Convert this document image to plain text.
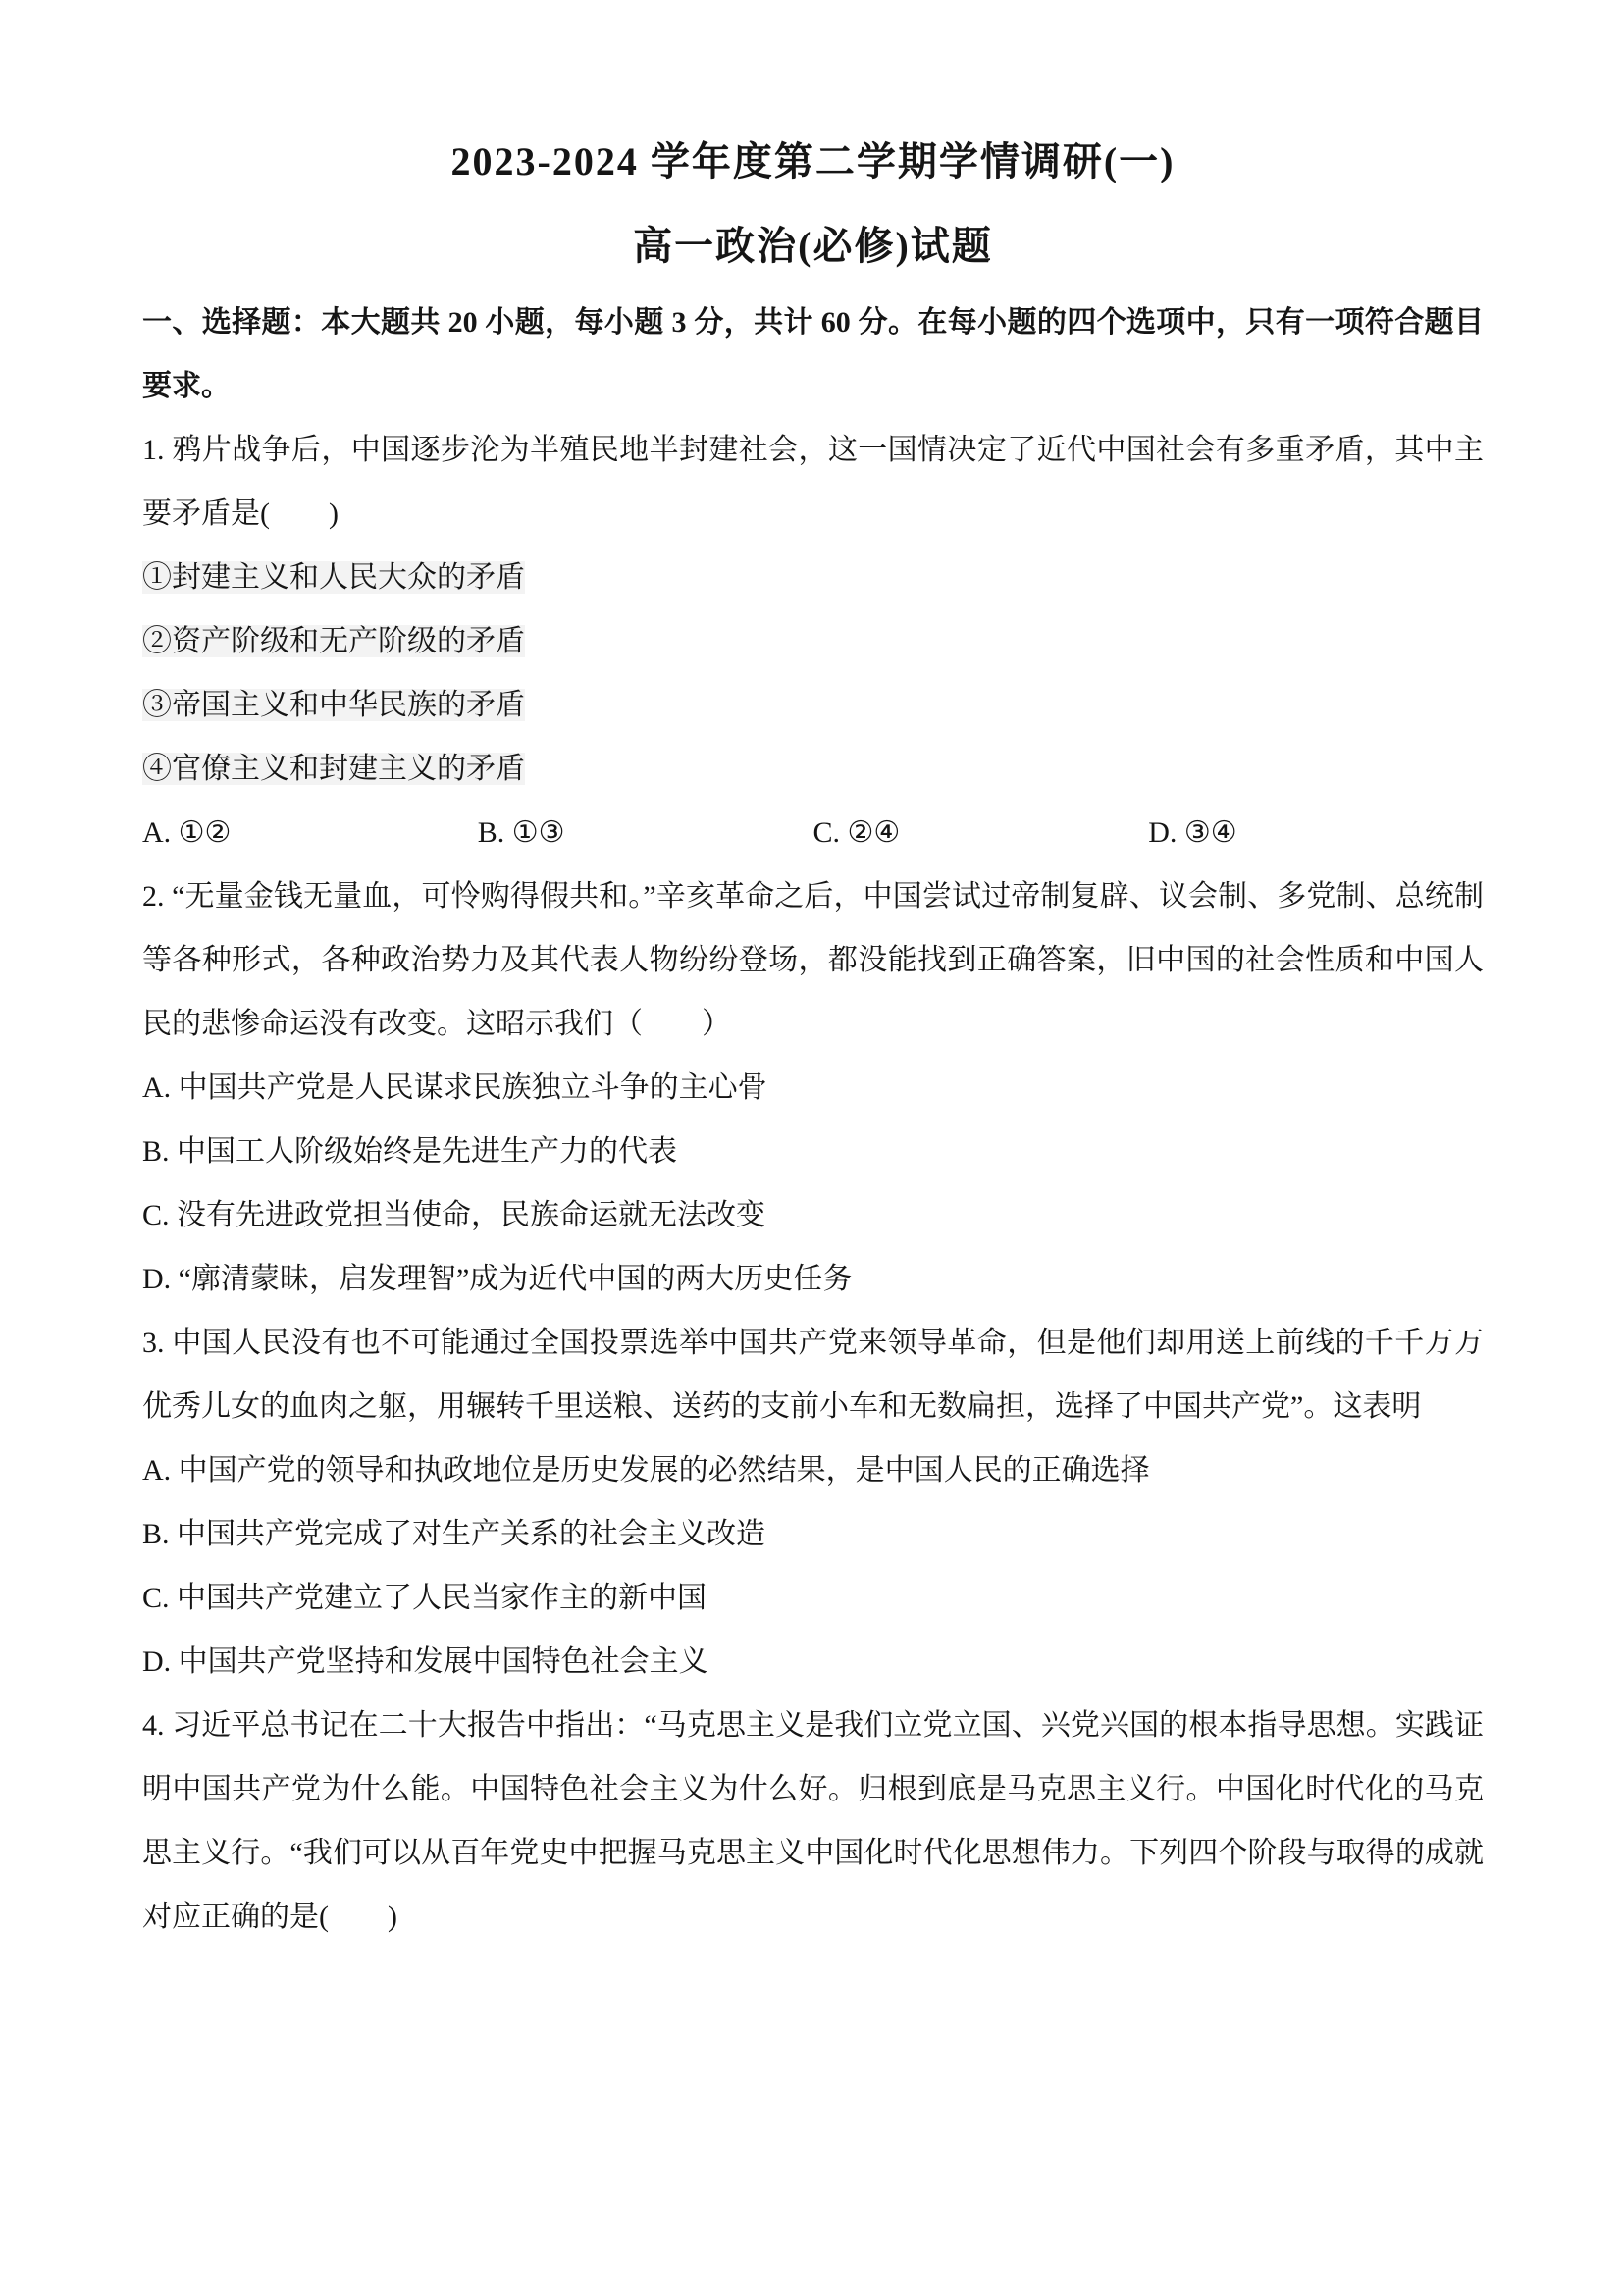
2023-2024 学年度第二学期学情调研(一)
高一政治(必修)试题

一、选择题：本大题共 20 小题，每小题 3 分，共计 60 分。在每小题的四个选项中，只有一项符合题目要求。

1. 鸦片战争后，中国逐步沦为半殖民地半封建社会，这一国情决定了近代中国社会有多重矛盾，其中主要矛盾是(　　)

①封建主义和人民大众的矛盾

②资产阶级和无产阶级的矛盾

③帝国主义和中华民族的矛盾

④官僚主义和封建主义的矛盾

A. ①②	B. ①③	C. ②④	D. ③④

2. “无量金钱无量血，可怜购得假共和。”辛亥革命之后，中国尝试过帝制复辟、议会制、多党制、总统制等各种形式，各种政治势力及其代表人物纷纷登场，都没能找到正确答案，旧中国的社会性质和中国人民的悲惨命运没有改变。这昭示我们（　　）

A. 中国共产党是人民谋求民族独立斗争的主心骨

B. 中国工人阶级始终是先进生产力的代表

C. 没有先进政党担当使命，民族命运就无法改变

D. “廓清蒙昧，启发理智”成为近代中国的两大历史任务

3. 中国人民没有也不可能通过全国投票选举中国共产党来领导革命，但是他们却用送上前线的千千万万优秀儿女的血肉之躯，用辗转千里送粮、送药的支前小车和无数扁担，选择了中国共产党”。这表明

A. 中国产党的领导和执政地位是历史发展的必然结果，是中国人民的正确选择

B. 中国共产党完成了对生产关系的社会主义改造

C. 中国共产党建立了人民当家作主的新中国

D. 中国共产党坚持和发展中国特色社会主义

4. 习近平总书记在二十大报告中指出：“马克思主义是我们立党立国、兴党兴国的根本指导思想。实践证明中国共产党为什么能。中国特色社会主义为什么好。归根到底是马克思主义行。中国化时代化的马克思主义行。“我们可以从百年党史中把握马克思主义中国化时代化思想伟力。下列四个阶段与取得的成就对应正确的是(　　)
